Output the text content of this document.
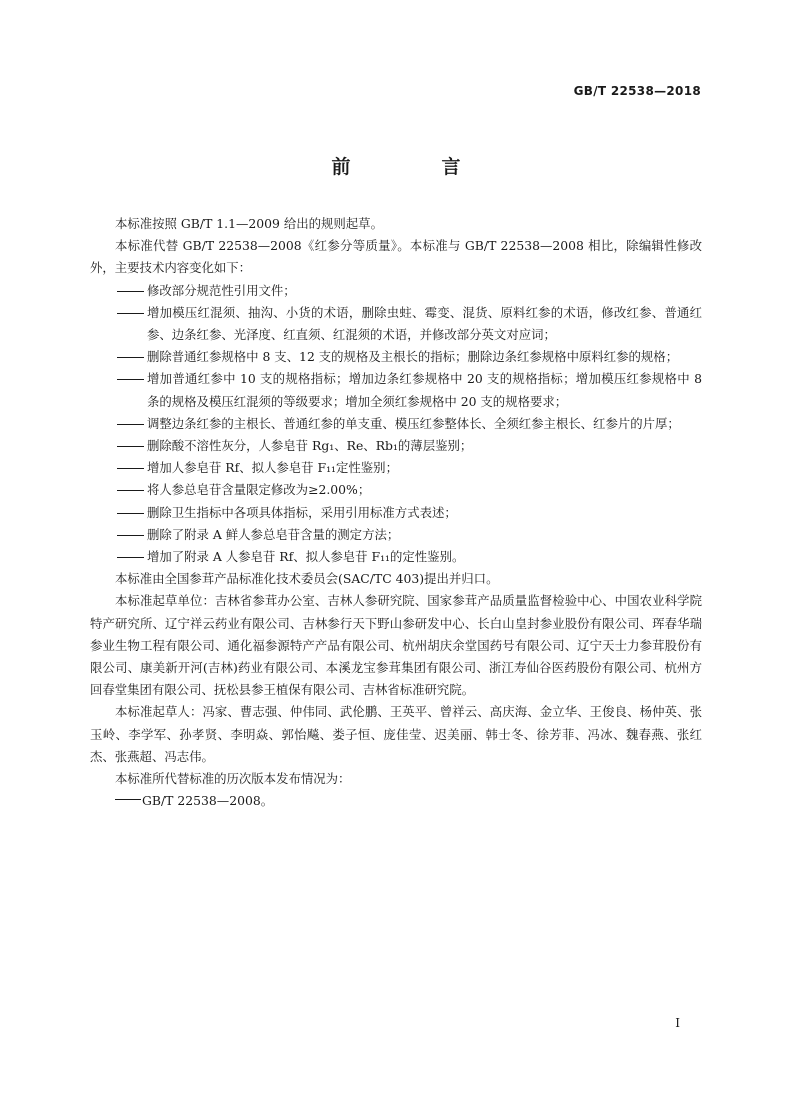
GB/T 22538—2018
前　言

本标准按照 GB/T 1.1—2009 给出的规则起草。

本标准代替 GB/T 22538—2008《红参分等质量》。本标准与 GB/T 22538—2008 相比，除编辑性修改外，主要技术内容变化如下：

修改部分规范性引用文件；

增加模压红混须、抽沟、小货的术语，删除虫蛀、霉变、混货、原料红参的术语，修改红参、普通红参、边条红参、光泽度、红直须、红混须的术语，并修改部分英文对应词；

删除普通红参规格中 8 支、12 支的规格及主根长的指标；删除边条红参规格中原料红参的规格；

增加普通红参中 10 支的规格指标；增加边条红参规格中 20 支的规格指标；增加模压红参规格中 8 条的规格及模压红混须的等级要求；增加全须红参规格中 20 支的规格要求；

调整边条红参的主根长、普通红参的单支重、模压红参整体长、全须红参主根长、红参片的片厚；

删除酸不溶性灰分，人参皂苷 Rg₁、Re、Rb₁的薄层鉴别；

增加人参皂苷 Rf、拟人参皂苷 F₁₁定性鉴别；

将人参总皂苷含量限定修改为≥2.00%；

删除卫生指标中各项具体指标，采用引用标准方式表述；

删除了附录 A 鲜人参总皂苷含量的测定方法；

增加了附录 A 人参皂苷 Rf、拟人参皂苷 F₁₁的定性鉴别。

本标准由全国参茸产品标准化技术委员会(SAC/TC 403)提出并归口。

本标准起草单位：吉林省参茸办公室、吉林人参研究院、国家参茸产品质量监督检验中心、中国农业科学院特产研究所、辽宁祥云药业有限公司、吉林参行天下野山参研发中心、长白山皇封参业股份有限公司、珲春华瑞参业生物工程有限公司、通化福参源特产产品有限公司、杭州胡庆余堂国药号有限公司、辽宁天士力参茸股份有限公司、康美新开河(吉林)药业有限公司、本溪龙宝参茸集团有限公司、浙江寿仙谷医药股份有限公司、杭州方回春堂集团有限公司、抚松县参王植保有限公司、吉林省标准研究院。

本标准起草人：冯家、曹志强、仲伟同、武伦鹏、王英平、曾祥云、高庆海、金立华、王俊良、杨仲英、张玉岭、李学军、孙孝贤、李明焱、郭怡飚、娄子恒、庞佳莹、迟美丽、韩士冬、徐芳菲、冯冰、魏春燕、张红杰、张燕超、冯志伟。

本标准所代替标准的历次版本发布情况为：

GB/T 22538—2008。

I
